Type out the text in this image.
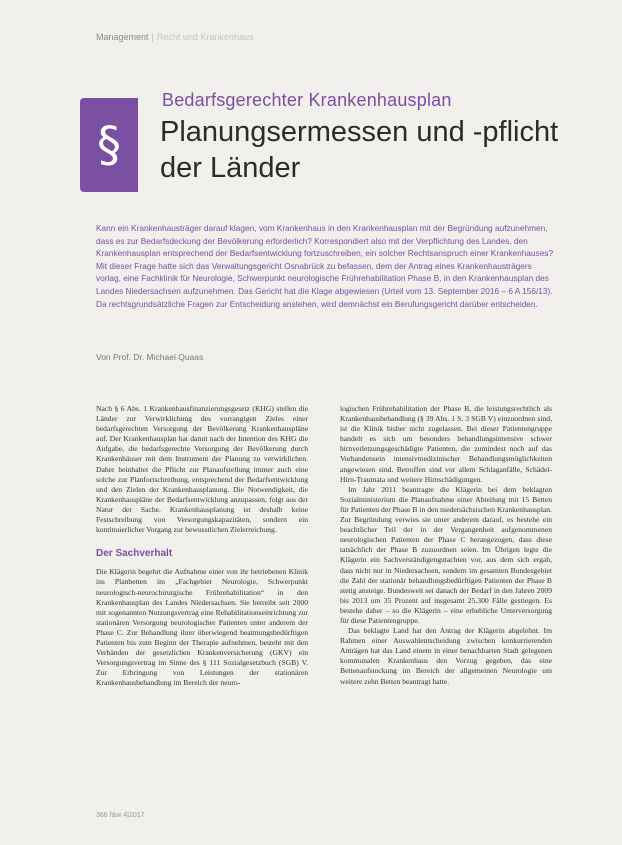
Management | Recht und Krankenhaus
§
Bedarfsgerechter Krankenhausplan
Planungsermessen und -pflicht der Länder

Kann ein Krankenhausträger darauf klagen, vom Krankenhaus in den Krankenhausplan mit der Begründung aufzunehmen, dass es zur Bedarfsdeckung der Bevölkerung erforderlich? Korrespondiert also mit der Verpflichtung des Landes, den Krankenhausplan entsprechend der Bedarfsentwicklung fortzuschreiben, ein solcher Rechtsanspruch einer Krankenhauses? Mit dieser Frage hatte sich das Verwaltungsgericht Osnabrück zu befassen, dem der Antrag eines Krankenhausträgers vorlag, eine Fachklinik für Neurologie, Schwerpunkt neurologische Frührehabilitation Phase B, in den Krankenhausplan des Landes Niedersachsen aufzunehmen. Das Gericht hat die Klage abgewiesen (Urteil vom 13. September 2016 – 6 A 156/13). Da rechtsgrundsätzliche Fragen zur Entscheidung anstehen, wird demnächst ein Berufungsgericht darüber entscheiden.

Von Prof. Dr. Michael Quaas

Nach § 6 Abs. 1 Krankenhausfinanzierungsgesetz (KHG) stellen die Länder zur Verwirklichung des vorrangigen Zieles einer bedarfsgerechten Versorgung der Bevölkerung Krankenhauspläne auf. Der Krankenhausplan hat damit nach der Intention des KHG die Aufgabe, die bedarfsgerechte Versorgung der Bevölkerung durch Krankenhäuser mit dem Instrument der Planung zu verwirklichen. Daher beinhaltet die Pflicht zur Planaufstellung immer auch eine solche zur Planfortschreibung, entsprechend der Bedarfsentwicklung und den Zielen der Krankenhausplanung. Die Notwendigkeit, die Krankenhauspläne der Bedarfsentwicklung anzupassen, folgt aus der Natur der Sache. Krankenhausplanung ist deshalb keine Festschreibung von Versorgungskapazitäten, sondern ein kontinuierlicher Vorgang zur bewusstlichen Zielerreichung.

Der Sachverhalt

Die Klägerin begehrt die Aufnahme einer von ihr betriebenen Klinik ins Planbetten im „Fachgebiet Neurologie, Schwerpunkt neurologisch-neurochirurgische Frührehabilitation“ in den Krankenhausplan des Landes Niedersachsen. Sie betreibt seit 2000 mit sogenannten Nutzungsvertrag eine Rehabilitationseinrichtung zur stationären Versorgung neurologischer Patienten unter anderem der Phase C. Zur Behandlung ihrer überwiegend beatmungsbedürftigen Patienten bis zum Beginn der Therapie aufnehmen, besteht mit den Verbänden der gesetzlichen Krankenversicherung (GKV) ein Versorgungsvertrag im Sinne des § 111 Sozialgesetzbuch (SGB) V. Zur Erbringung von Leistungen der stationären Krankenhausbehandlung im Bereich der neuro-

logischen Frührehabilitation der Phase B, die leistungsrechtlich als Krankenhausbehandlung (§ 39 Abs. 1 S. 3 SGB V) einzuordnen sind, ist die Klinik bisher nicht zugelassen. Bei dieser Patientengruppe handelt es sich um besonders behandlungsintensive schwer hirnverletzungsgeschädigte Patienten, die zumindest noch auf das Vorhandensein intensivmedizinischer Behandlungsmöglichkeiten angewiesen sind. Betroffen sind vor allem Schlaganfälle, Schädel-Hirn-Traumata und weitere Hirnschädigungen.

Im Jahr 2011 beantragte die Klägerin bei dem beklagten Sozialministerium die Planaufnahme einer Abteilung mit 15 Betten für Patienten der Phase B in den niedersächsischen Krankenhausplan. Zur Begründung verwies sie unter anderem darauf, es bestehe ein beachtlicher Teil der in der Vergangenheit aufgenommenen neurologischen Patienten der Phase C herangezogen, dass diese tatsächlich der Phase B zuzuordnen seien. Im Übrigen legte die Klägerin ein Sachverständigengutachten vor, aus dem sich ergab, dass nicht nur in Niedersachsen, sondern im gesamten Bundesgebiet die Zahl der stationär behandlungsbedürftigen Patienten der Phase B stetig ansteige. Bundesweit sei danach der Bedarf in den Jahren 2009 bis 2013 um 35 Prozent auf insgesamt 25.300 Fälle gestiegen. Es bestehe daher – so die Klägerin – eine erhebliche Unterversorgung für diese Patientengruppe.

Das beklagte Land hat den Antrag der Klägerin abgelehnt. Im Rahmen einer Auswahlentscheidung zwischen konkurrierenden Anträgen hat das Land einem in einer benachbarten Stadt gelegenen kommunalen Krankenhaus den Vorzug gegeben, das eine Bettenaufstockung im Bereich der allgemeinen Neurologie um weitere zehn Betten beantragt hatte.

366 f&w 4|2017
